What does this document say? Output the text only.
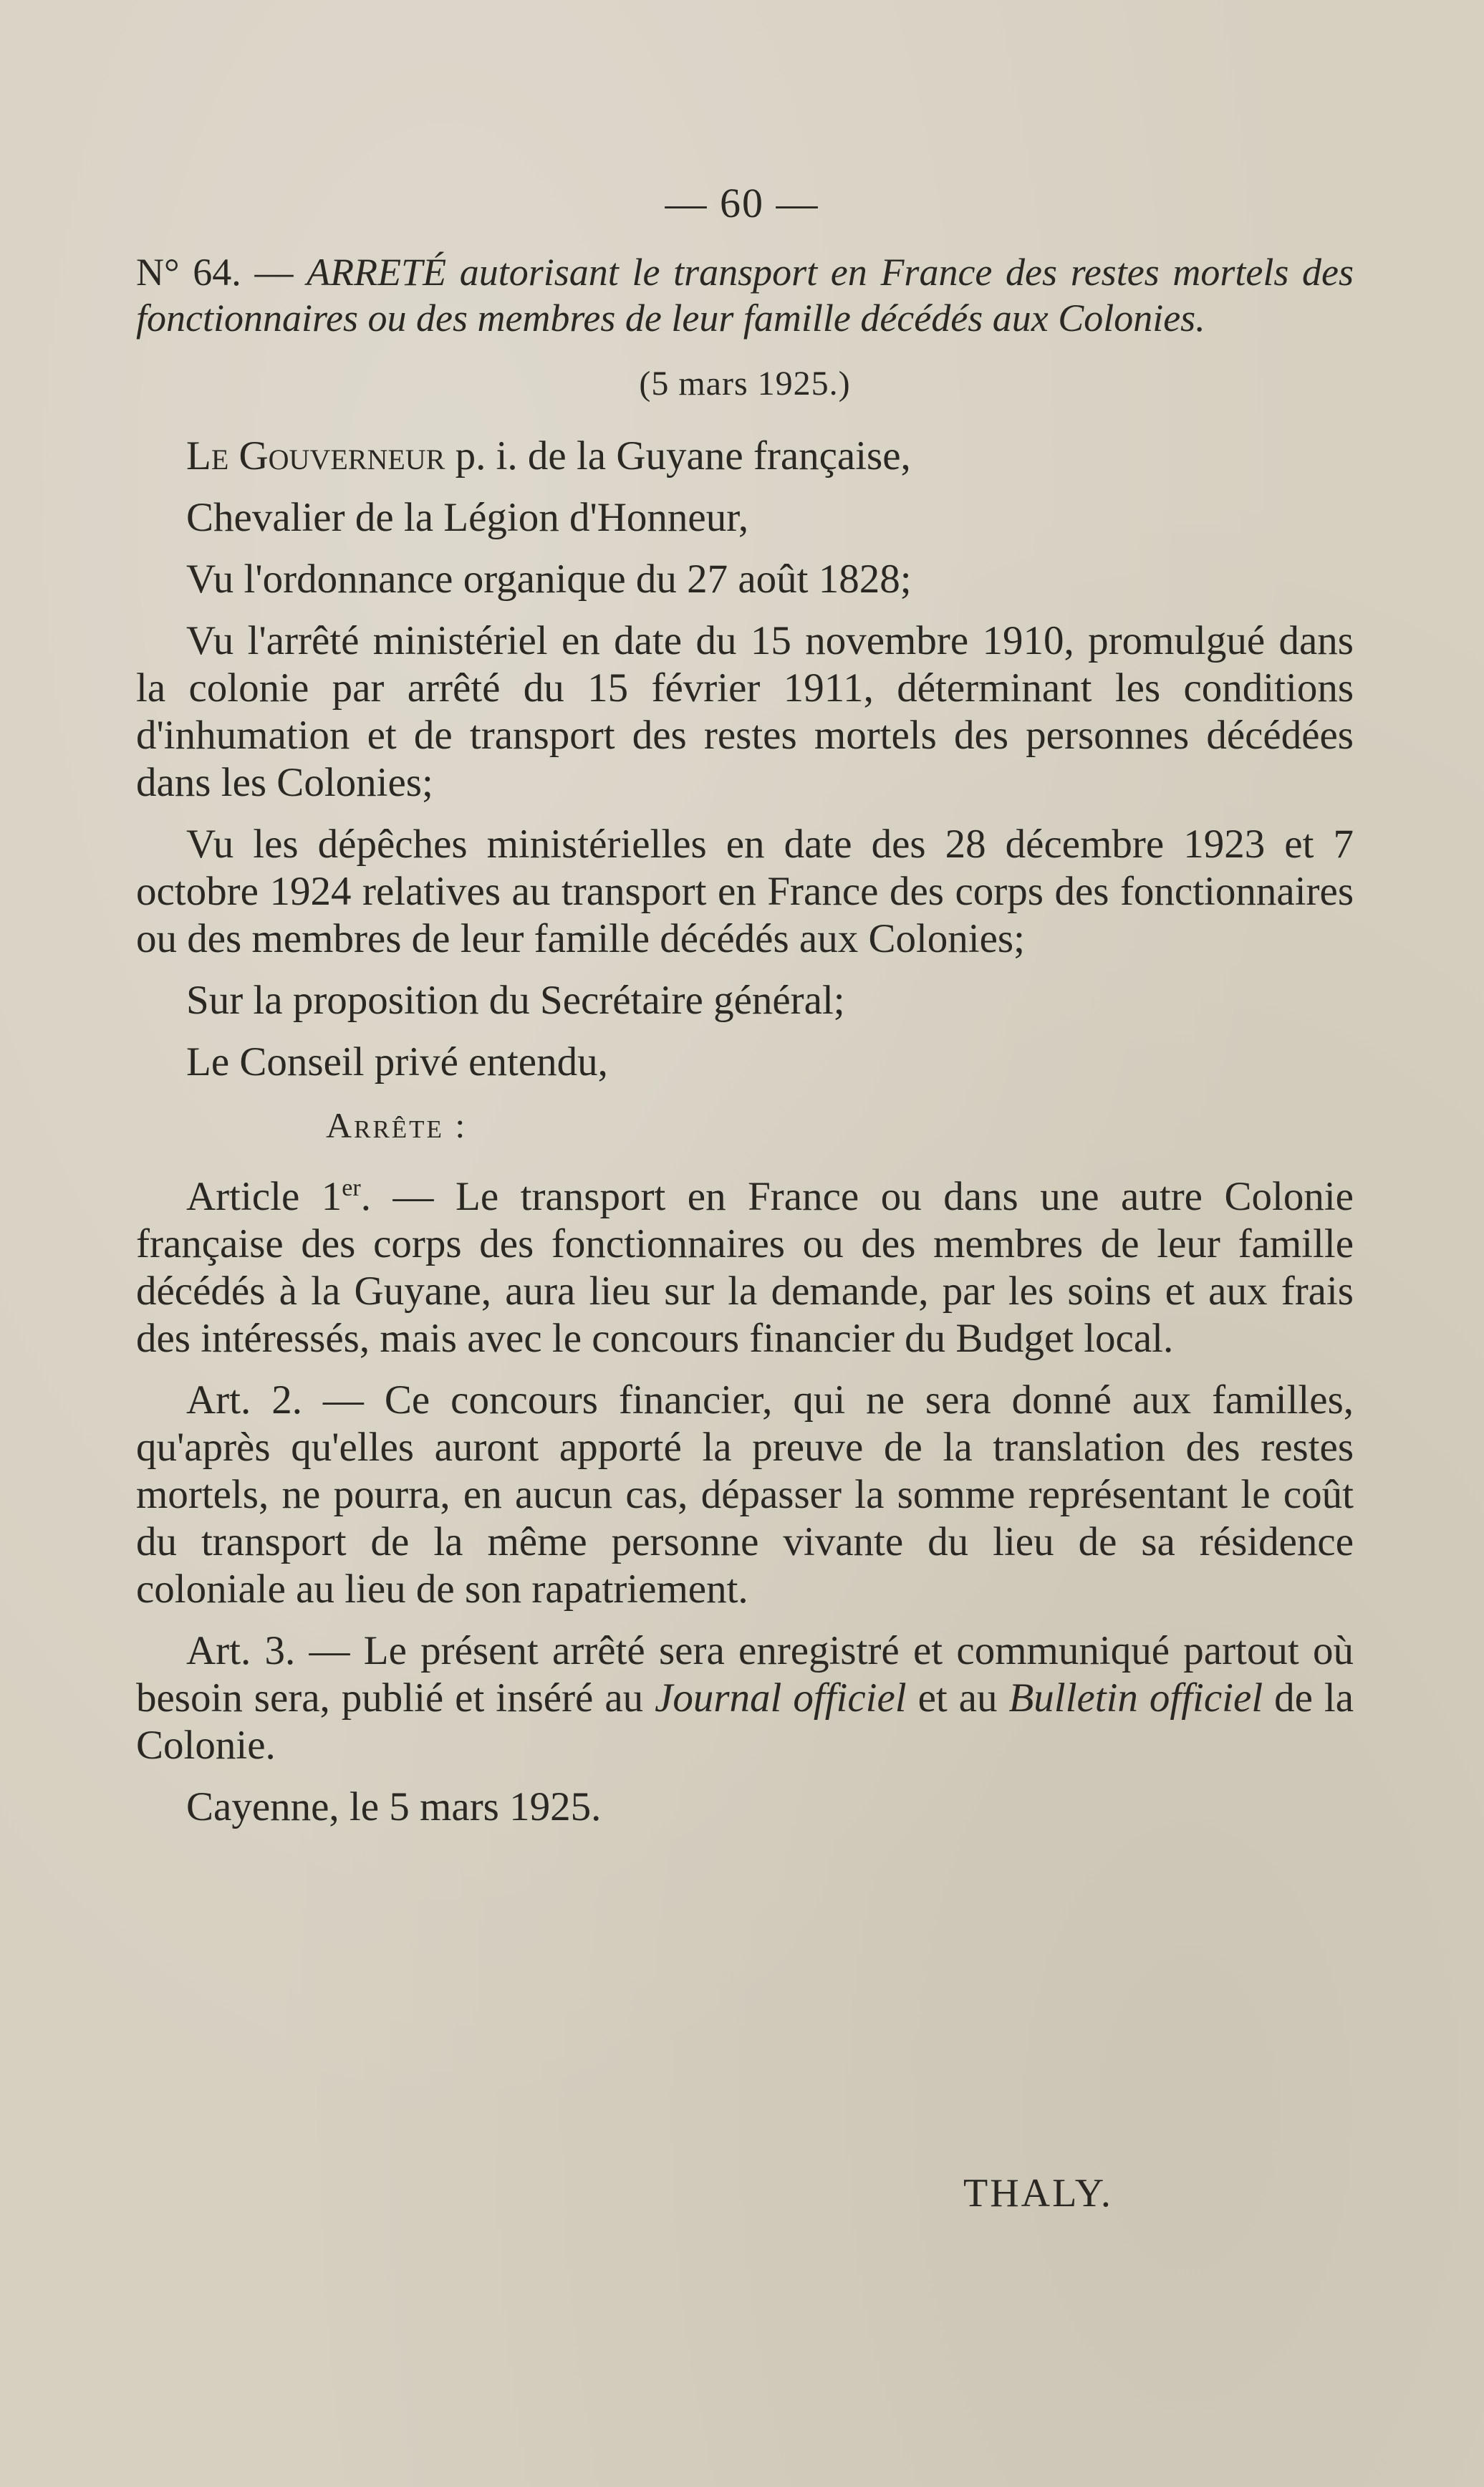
— 60 —

N° 64. — ARRETÉ autorisant le transport en France des restes mortels des fonctionnaires ou des membres de leur famille décédés aux Colonies.

(5 mars 1925.)

Le Gouverneur p. i. de la Guyane française,

Chevalier de la Légion d'Honneur,

Vu l'ordonnance organique du 27 août 1828;

Vu l'arrêté ministériel en date du 15 novembre 1910, promulgué dans la colonie par arrêté du 15 février 1911, déterminant les conditions d'inhumation et de transport des restes mortels des personnes décédées dans les Colonies;

Vu les dépêches ministérielles en date des 28 décembre 1923 et 7 octobre 1924 relatives au transport en France des corps des fonctionnaires ou des membres de leur famille décédés aux Colonies;

Sur la proposition du Secrétaire général;

Le Conseil privé entendu,

Arrête :

Article 1er. — Le transport en France ou dans une autre Colonie française des corps des fonctionnaires ou des membres de leur famille décédés à la Guyane, aura lieu sur la demande, par les soins et aux frais des intéressés, mais avec le concours financier du Budget local.

Art. 2. — Ce concours financier, qui ne sera donné aux familles, qu'après qu'elles auront apporté la preuve de la translation des restes mortels, ne pourra, en aucun cas, dépasser la somme représentant le coût du transport de la même personne vivante du lieu de sa résidence coloniale au lieu de son rapatriement.

Art. 3. — Le présent arrêté sera enregistré et communiqué partout où besoin sera, publié et inséré au Journal officiel et au Bulletin officiel de la Colonie.

Cayenne, le 5 mars 1925.

THALY.
